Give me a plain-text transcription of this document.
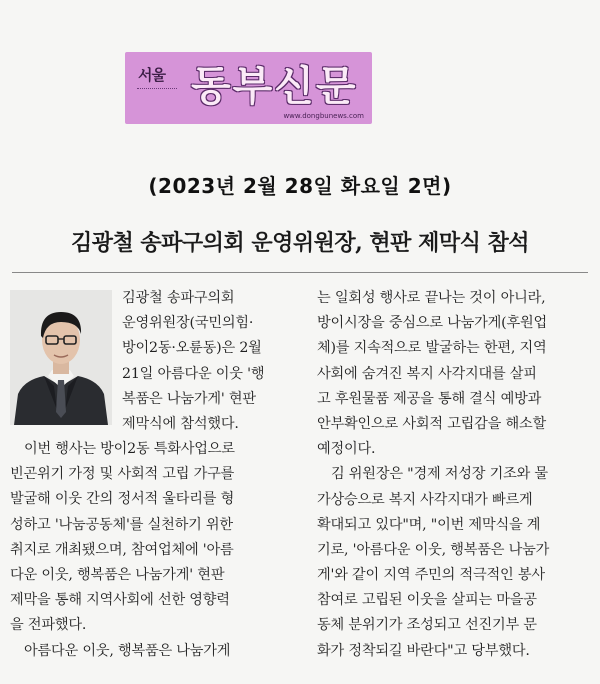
서울 동부신문
www.dongbunews.com
(2023년 2월 28일 화요일 2면)
김광철 송파구의회 운영위원장, 현판 제막식 참석
김광철 송파구의회
운영위원장(국민의힘·
방이2동·오륜동)은 2월
21일 아름다운 이웃 '행
복품은 나눔가게' 현판
제막식에 참석했다.
　이번 행사는 방이2동 특화사업으로
빈곤위기 가정 및 사회적 고립 가구를
발굴해 이웃 간의 정서적 울타리를 형
성하고 '나눔공동체'를 실천하기 위한
취지로 개최됐으며, 참여업체에 '아름
다운 이웃, 행복품은 나눔가게' 현판
제막을 통해 지역사회에 선한 영향력
을 전파했다.
　아름다운 이웃, 행복품은 나눔가게
는 일회성 행사로 끝나는 것이 아니라,
방이시장을 중심으로 나눔가게(후원업
체)를 지속적으로 발굴하는 한편, 지역
사회에 숨겨진 복지 사각지대를 살피
고 후원물품 제공을 통해 결식 예방과
안부확인으로 사회적 고립감을 해소할
예정이다.
　김 위원장은 "경제 저성장 기조와 물
가상승으로 복지 사각지대가 빠르게
확대되고 있다"며, "이번 제막식을 계
기로, '아름다운 이웃, 행복품은 나눔가
게'와 같이 지역 주민의 적극적인 봉사
참여로 고립된 이웃을 살피는 마을공
동체 분위기가 조성되고 선진기부 문
화가 정착되길 바란다"고 당부했다.
